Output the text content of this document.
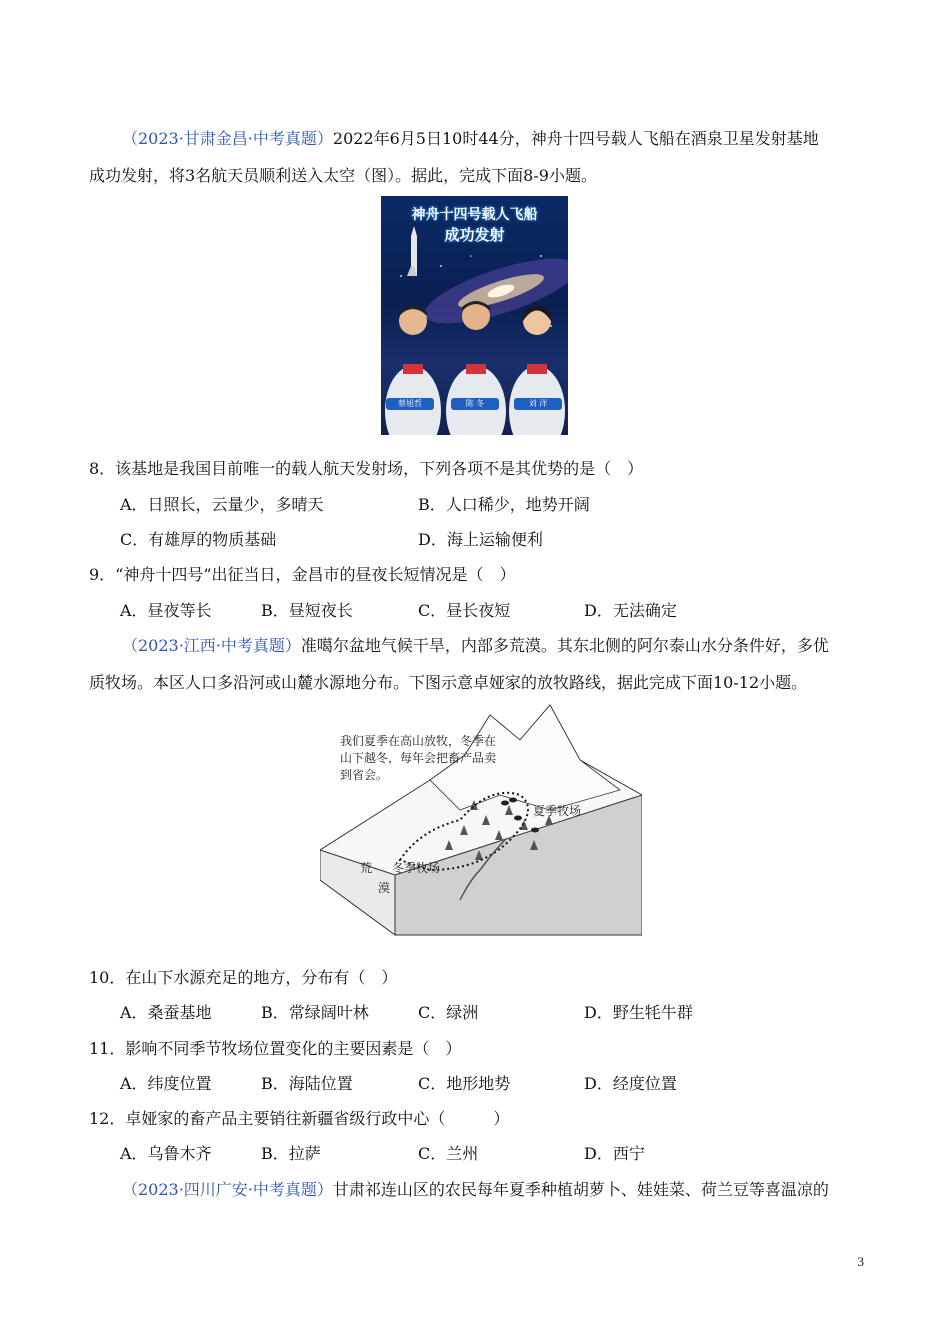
（2023·甘肃金昌·中考真题）2022年6月5日10时44分，神舟十四号载人飞船在酒泉卫星发射基地
成功发射，将3名航天员顺利送入太空（图）。据此，完成下面8-9小题。
神舟十四号载人飞船
成功发射
蔡旭哲	陈 冬	刘 洋
8．该基地是我国目前唯一的载人航天发射场，下列各项不是其优势的是（　）
A．日照长，云量少，多晴天	B．人口稀少，地势开阔
C．有雄厚的物质基础	D．海上运输便利
9．“神舟十四号”出征当日，金昌市的昼夜长短情况是（　）
A．昼夜等长	B．昼短夜长	C．昼长夜短	D．无法确定
（2023·江西·中考真题）准噶尔盆地气候干旱，内部多荒漠。其东北侧的阿尔泰山水分条件好，多优
质牧场。本区人口多沿河或山麓水源地分布。下图示意卓娅家的放牧路线，据此完成下面10-12小题。
我们夏季在高山放牧，冬季在
山下越冬，每年会把畜产品卖
到省会。
夏季牧场
冬季牧场
荒
漠
10．在山下水源充足的地方，分布有（　）
A．桑蚕基地	B．常绿阔叶林	C．绿洲	D．野生牦牛群
11．影响不同季节牧场位置变化的主要因素是（　）
A．纬度位置	B．海陆位置	C．地形地势	D．经度位置
12．卓娅家的畜产品主要销往新疆省级行政中心（　　　）
A．乌鲁木齐	B．拉萨	C．兰州	D．西宁
（2023·四川广安·中考真题）甘肃祁连山区的农民每年夏季种植胡萝卜、娃娃菜、荷兰豆等喜温凉的
3
